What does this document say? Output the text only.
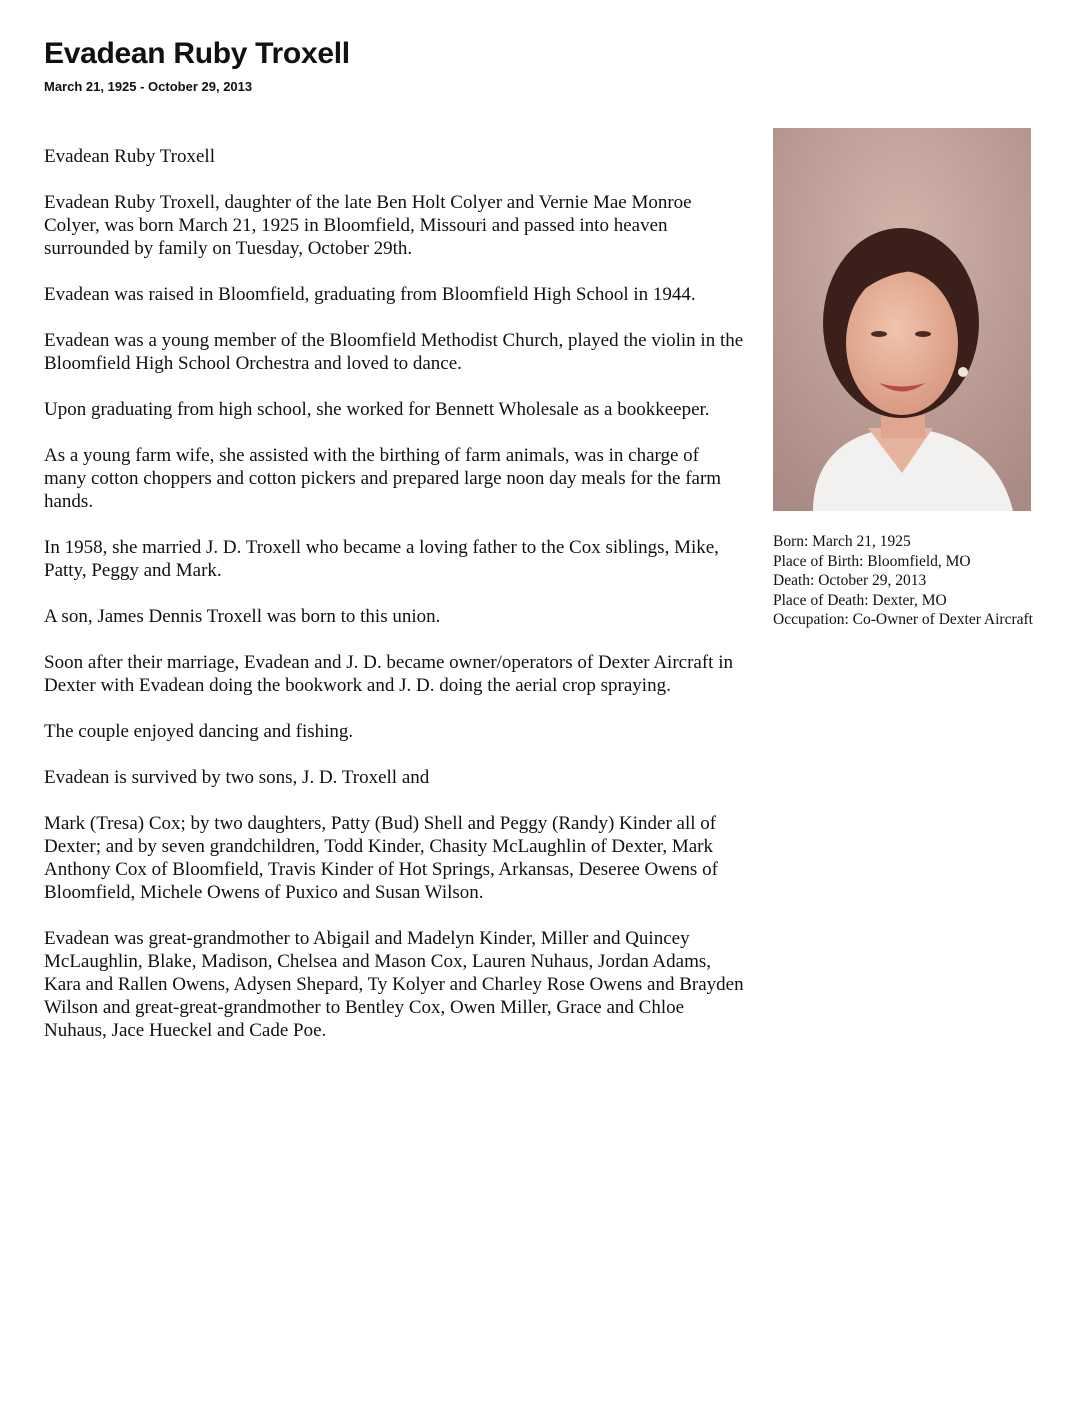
Evadean Ruby Troxell
March 21, 1925 - October 29, 2013

Evadean Ruby Troxell

Evadean Ruby Troxell, daughter of the late Ben Holt Colyer and Vernie Mae Monroe Colyer, was born March 21, 1925 in Bloomfield, Missouri and passed into heaven surrounded by family on Tuesday, October 29th.

Evadean was raised in Bloomfield, graduating from Bloomfield High School in 1944.

Evadean was a young member of the Bloomfield Methodist Church, played the violin in the Bloomfield High School Orchestra and loved to dance.

Upon graduating from high school, she worked for Bennett Wholesale as a bookkeeper.

As a young farm wife, she assisted with the birthing of farm animals, was in charge of many cotton choppers and cotton pickers and prepared large noon day meals for the farm hands.

In 1958, she married J. D. Troxell who became a loving father to the Cox siblings, Mike, Patty, Peggy and Mark.

A son, James Dennis Troxell was born to this union.

Soon after their marriage, Evadean and J. D. became owner/operators of Dexter Aircraft in Dexter with Evadean doing the bookwork and J. D. doing the aerial crop spraying.

The couple enjoyed dancing and fishing.

Evadean is survived by two sons, J. D. Troxell and

Mark (Tresa) Cox; by two daughters, Patty (Bud) Shell and Peggy (Randy) Kinder all of Dexter; and by seven grandchildren, Todd Kinder, Chasity McLaughlin of Dexter, Mark Anthony Cox of Bloomfield, Travis Kinder of Hot Springs, Arkansas, Deseree Owens of Bloomfield, Michele Owens of Puxico and Susan Wilson.

Evadean was great-grandmother to Abigail and Madelyn Kinder, Miller and Quincey McLaughlin, Blake, Madison, Chelsea and Mason Cox, Lauren Nuhaus, Jordan Adams, Kara and Rallen Owens, Adysen Shepard, Ty Kolyer and Charley Rose Owens and Brayden Wilson and great-great-grandmother to Bentley Cox, Owen Miller, Grace and Chloe Nuhaus, Jace Hueckel and Cade Poe.

Born: March 21, 1925
Place of Birth: Bloomfield, MO
Death: October 29, 2013
Place of Death: Dexter, MO
Occupation: Co-Owner of Dexter Aircraft
